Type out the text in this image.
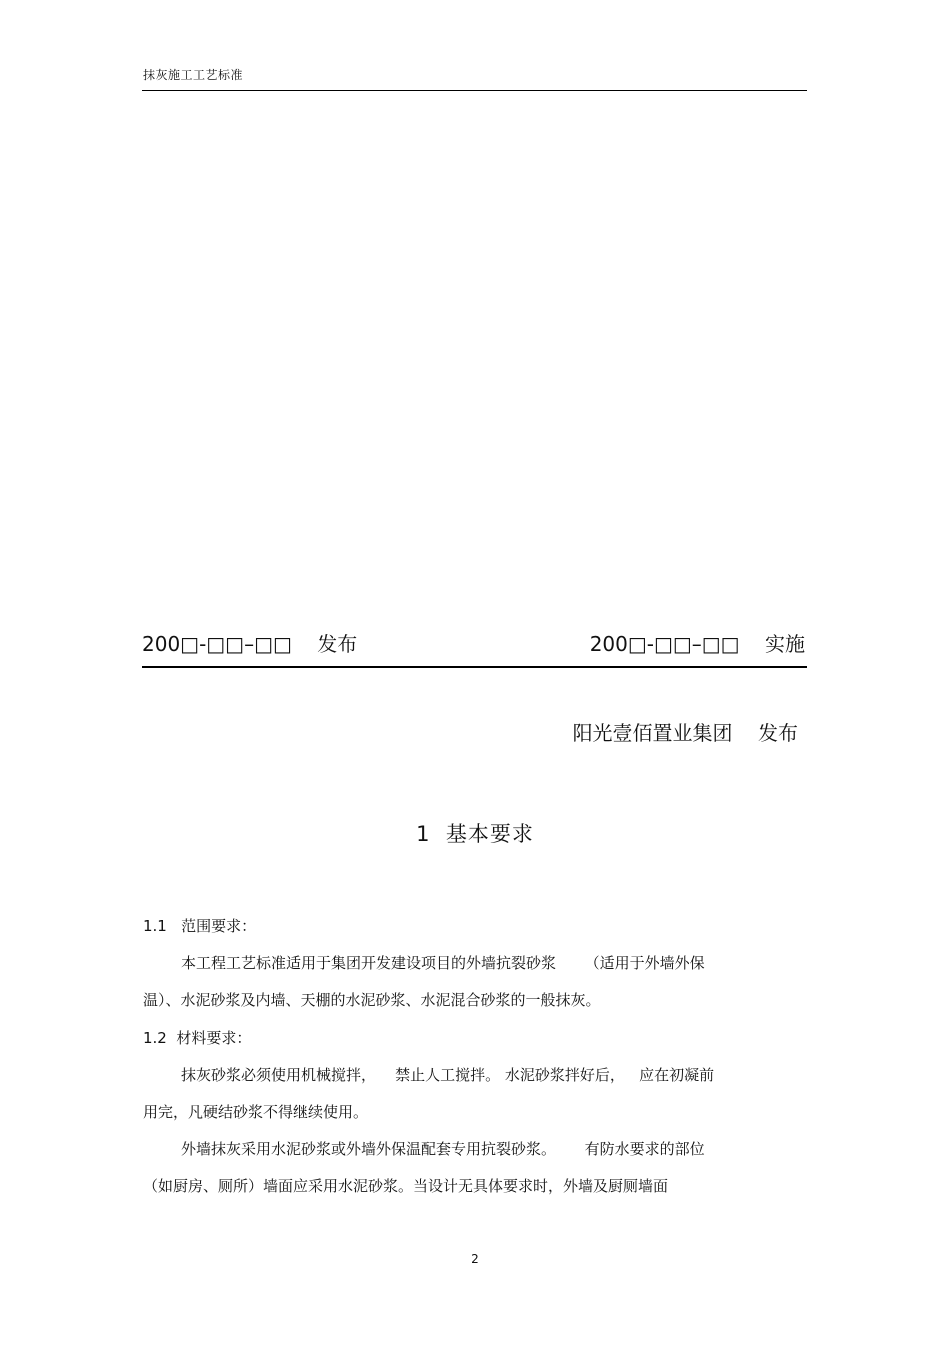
抹灰施工工艺标准
200□-□□–□□    发布	200□-□□–□□    实施
阳光壹佰置业集团    发布
1  基本要求
1.1   范围要求：
本工程工艺标准适用于集团开发建设项目的外墙抗裂砂浆      （适用于外墙外保
温）、水泥砂浆及内墙、天棚的水泥砂浆、水泥混合砂浆的一般抹灰。
1.2  材料要求：
抹灰砂浆必须使用机械搅拌，    禁止人工搅拌。 水泥砂浆拌好后，   应在初凝前
用完，凡硬结砂浆不得继续使用。
外墙抹灰采用水泥砂浆或外墙外保温配套专用抗裂砂浆。      有防水要求的部位
（如厨房、厕所）墙面应采用水泥砂浆。当设计无具体要求时，外墙及厨厕墙面
2
